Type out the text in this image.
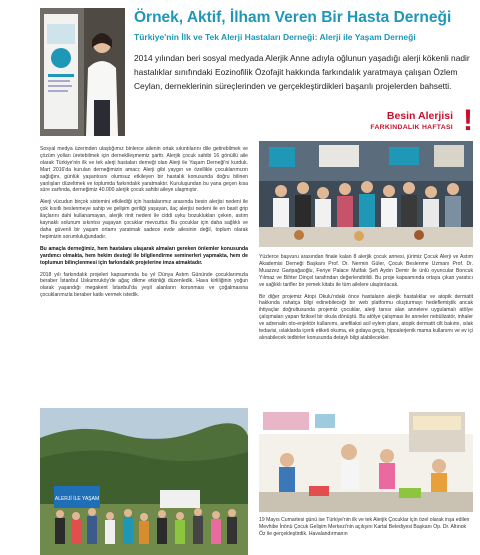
Örnek, Aktif, İlham Veren Bir Hasta Derneği
Türkiye'nin İlk ve Tek Alerji Hastaları Derneği: Alerji ile Yaşam Derneği
2014 yılından beri sosyal medyada Alerjik Anne adıyla oğlunun yaşadığı alerji kökenli nadir hastalıklar sınıfındaki Eozinofilik Özofajit hakkında farkındalık yaratmaya çalışan Özlem Ceylan, derneklerinin süreçlerinden ve gerçekleştirdikleri başarılı projelerden bahsetti.
Besin Alerjisi
FARKINDALIK HAFTASI !

Sosyal medya üzerinden ulaştığımız binlerce ailenin ortak sıkıntılarını dile getirebilmek ve çözüm yolları üretebilmek için derneklleşmemiz şarttı. Alerjik çocuk sahibi 16 gönüllü aile olarak Türkiye'nin ilk ve tek alerji hastaları derneği olan Alerji ile Yaşam Derneği'ni kurduk. Mart 2016'da kurulan derneğimizin amacı; Alerji gibi yaygın ve özellikle çocuklarımızın sağlığını, günlük yaşantısını olumsuz etkileyen bir hastalık konusunda doğru bilinen yanlışları düzeltmek ve toplumda farkındalık yaratmaktır. Kuruluşundan bu yana geçen kısa süre zarfında, derneğimiz 40.000 alerjik çocuk sahibi aileye ulaşmıştır.

Alerji vücudun birçok sistemini etkilediği için hastalarımız arasında besin alerjisi nedeni ile çok kısıtlı beslenmeye sahip ve gelişim geriliği yaşayan, ilaç alerjisi nedeni ile en basit grip ilaçlarını dahi kullanamayan, alerjik rinit nedeni ile ciddi uyku bozuklukları çeken, astım kaynaklı solunum sıkıntısı yaşayan çocuklar mevcuttur. Bu çocuklar için daha sağlıklı ve daha güvenli bir yaşam ortamı yaratmak sadece evde ailesinin değil, toplum olarak hepimizin sorumluluğundadır.

Bu amaçla derneğimiz, hem hastalara ulaşarak almaları gereken önlemler konusunda yardımcı olmakta, hem hekim desteği ile bilgilendirme seminerleri yapmakta, hem de toplumun bilinçlenmesi için farkındalık projelerine imza atmaktadır.

2018 yılı farkındalık projeleri kapsamında bu yıl Dünya Astım Gününde çocuklarımızla beraber İstanbul Uskumruköy'de ağaç dikme etkinliği düzenledik. Hava kirliliğinin yoğun olarak yaşandığı megakent İstanbul'da yeşil alanların korunması ve çoğalmasına çocuklarımızla beraber katkı vermek istedik.

Yüzlerce başvuru arasından finale kalan 8 alerjik çocuk annesi, jürimiz Çocuk Alerji ve Astım Akademisi Derneği Başkanı Prof. Dr. Nermin Güler, Çocuk Beslenme Uzmanı Prof. Dr. Muazzez Garipağaoğlu, Feriye Palace Mutfak Şefi Aydın Demir ile ünlü oyuncular Boncuk Yılmaz ve Bihter Dinçel tarafından değerlendirildi. Bu proje kapsamında ortaya çıkan yaratıcı ve sağlıklı tarifler bir yemek kitabı ile tüm ailelere ulaştırılacak.

Bir diğer projemiz Atopi Okulu'ndaki önce hastaların alerjik hastalıklar ve atopik dermatit hakkında rahatça bilgi edinebileceği bir web platformu oluşturmayı hedeflemiştik ancak ihtiyaçlar doğrultusunda projemiz çocuklar, alerji tanısı alan annelere uygulamalı atölye çalışmaları yapan fiziksel bir okula dönüştü. Bu atölye çalışması ile anneler nebülizatör, inhaler ve adrenalin oto-enjektör kullanımı, anefilaksi acil eylem planı, atopik dermatit cilt bakımı, ıslak tedavisi, ıslaklarda içerik etiketi okuma, ek gıdaya geçiş, hipoalerjenik mama kullanımı ve ev içi alınabilecek tedbirler konusunda detaylı bilgi alabilecekler.

ALERJİ İLE YAŞAM
19 Mayıs Cumartesi günü ise Türkiye'nin ilk ve tek Alerjik Çocuklar için özel olarak inşa edilen Mevhibe İnönü Çocuk Gelişim Merkezi'nin açılışını Kartal Belediyesi Başkanı Op. Dr. Altınok Öz ile gerçekleştirdik. Havalandırmanın
